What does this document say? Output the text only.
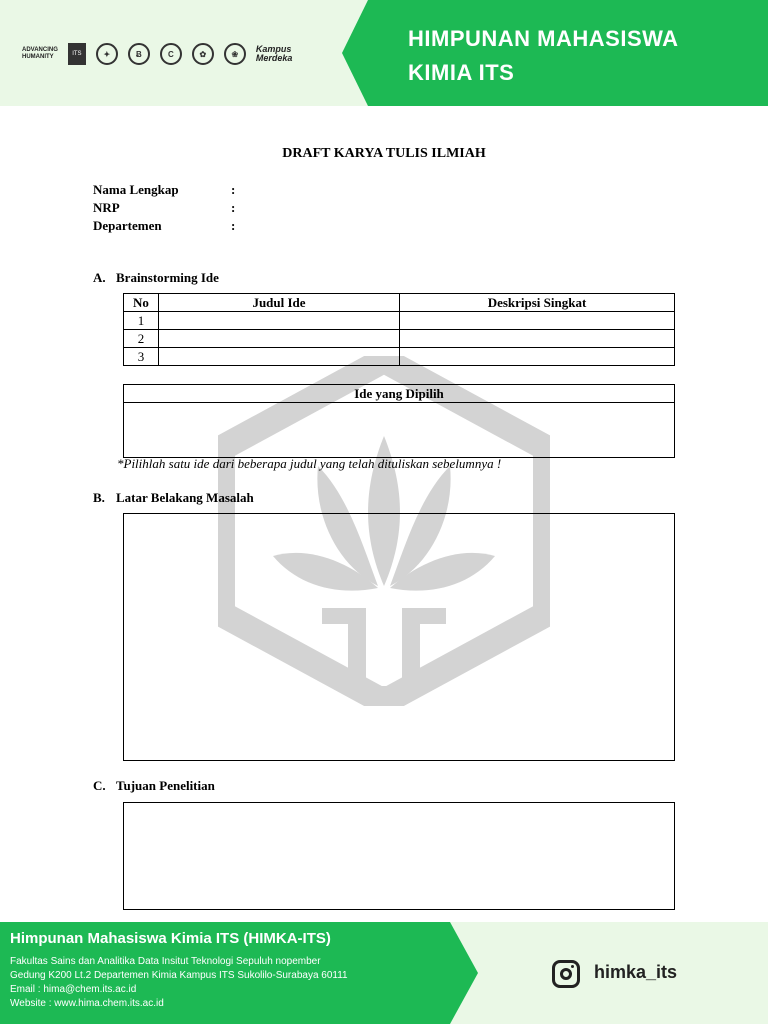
HIMPUNAN MAHASISWA
KIMIA ITS
ADVANCING
HUMANITY	ITS	✦	Ƀ	C	✿	❀	Kampus
Merdeka
DRAFT KARYA TULIS ILMIAH
Nama Lengkap	:
NRP	:
Departemen	:
A. Brainstorming Ide
No	Judul Ide	Deskripsi Singkat
1		
2		
3		
Ide yang Dipilih
*Pilihlah satu ide dari beberapa judul yang telah dituliskan sebelumnya !
B. Latar Belakang Masalah
C. Tujuan Penelitian
Himpunan Mahasiswa Kimia ITS (HIMKA-ITS)
Fakultas Sains dan Analitika Data Insitut Teknologi Sepuluh nopember
Gedung K200 Lt.2 Departemen Kimia Kampus ITS Sukolilo-Surabaya 60111
Email : hima@chem.its.ac.id
Website : www.hima.chem.its.ac.id
himka_its
